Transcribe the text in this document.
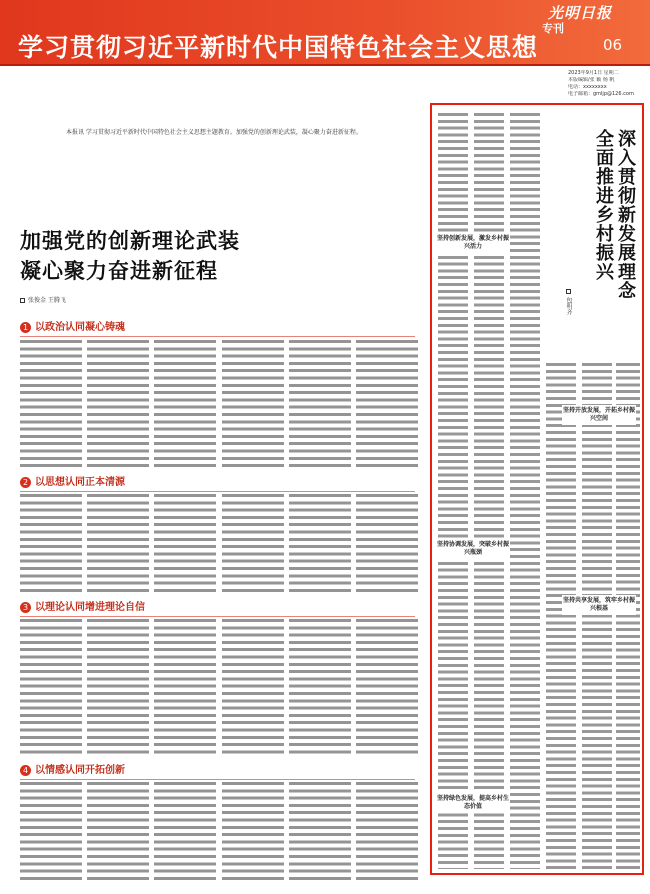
光明日报
学习贯彻习近平新时代中国特色社会主义思想
专刊
06
2023年9月1日 星期二
本版编辑/张 颖 杨 帆
电话：xxxxxxxx
电子邮箱：gmljp@126.com
本报讯 学习贯彻习近平新时代中国特色社会主义思想主题教育。加强党的创新理论武装，凝心聚力奋进新征程。
加强党的创新理论武装
凝心聚力奋进新征程
张俊金 王腾飞
1 以政治认同凝心铸魂
2 以思想认同正本清源
3 以理论认同增进理论自信
4 以情感认同开拓创新
深入贯彻新发展理念
全面推进乡村振兴
包明齐
坚持创新发展，激发乡村振兴活力
坚持协调发展，突破乡村振兴瓶颈
坚持绿色发展，提高乡村生态价值
坚持开放发展，开拓乡村振兴空间
坚持共享发展，筑牢乡村振兴根基
